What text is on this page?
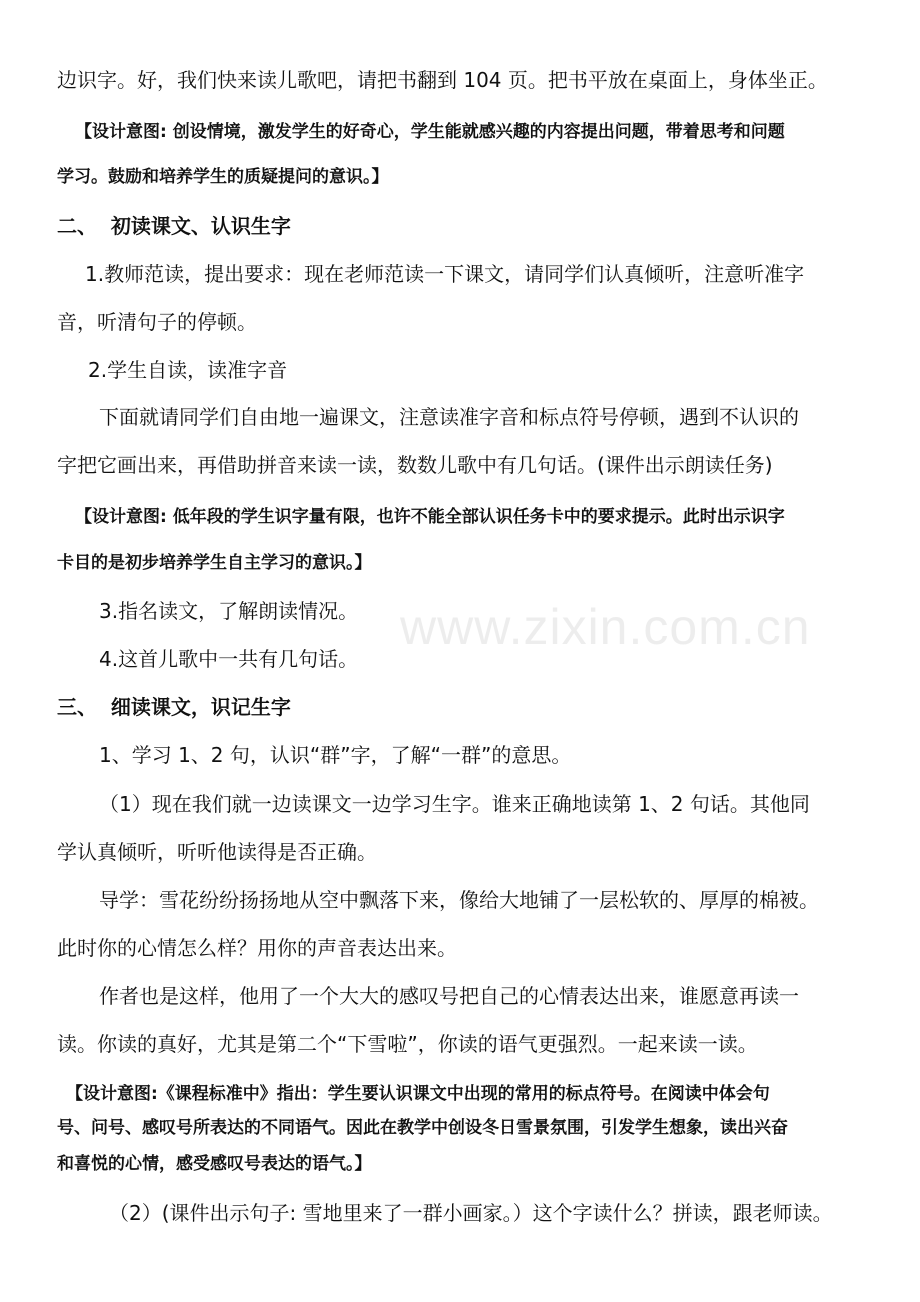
www.zixin.com.cn
边识字。好，我们快来读儿歌吧，请把书翻到 104 页。把书平放在桌面上，身体坐正。
【设计意图: 创设情境，激发学生的好奇心，学生能就感兴趣的内容提出问题，带着思考和问题
学习。鼓励和培养学生的质疑提问的意识。】
二、  初读课文、认识生字
1.教师范读，提出要求：现在老师范读一下课文，请同学们认真倾听，注意听准字
音，听清句子的停顿。
2.学生自读，读准字音
下面就请同学们自由地一遍课文，注意读准字音和标点符号停顿，遇到不认识的
字把它画出来，再借助拼音来读一读，数数儿歌中有几句话。(课件出示朗读任务)
【设计意图: 低年段的学生识字量有限，也许不能全部认识任务卡中的要求提示。此时出示识字
卡目的是初步培养学生自主学习的意识。】
3.指名读文，了解朗读情况。
4.这首儿歌中一共有几句话。
三、  细读课文，识记生字
1、学习 1、2 句，认识“群”字，了解“一群”的意思。
（1）现在我们就一边读课文一边学习生字。谁来正确地读第 1、2 句话。其他同
学认真倾听，听听他读得是否正确。
导学：雪花纷纷扬扬地从空中飘落下来，像给大地铺了一层松软的、厚厚的棉被。
此时你的心情怎么样？用你的声音表达出来。
作者也是这样，他用了一个大大的感叹号把自己的心情表达出来，谁愿意再读一
读。你读的真好，尤其是第二个“下雪啦”，你读的语气更强烈。一起来读一读。
【设计意图:《课程标准中》指出：学生要认识课文中出现的常用的标点符号。在阅读中体会句
号、问号、感叹号所表达的不同语气。因此在教学中创设冬日雪景氛围，引发学生想象，读出兴奋
和喜悦的心情，感受感叹号表达的语气。】
（2）(课件出示句子: 雪地里来了一群小画家。）这个字读什么？拼读，跟老师读。
